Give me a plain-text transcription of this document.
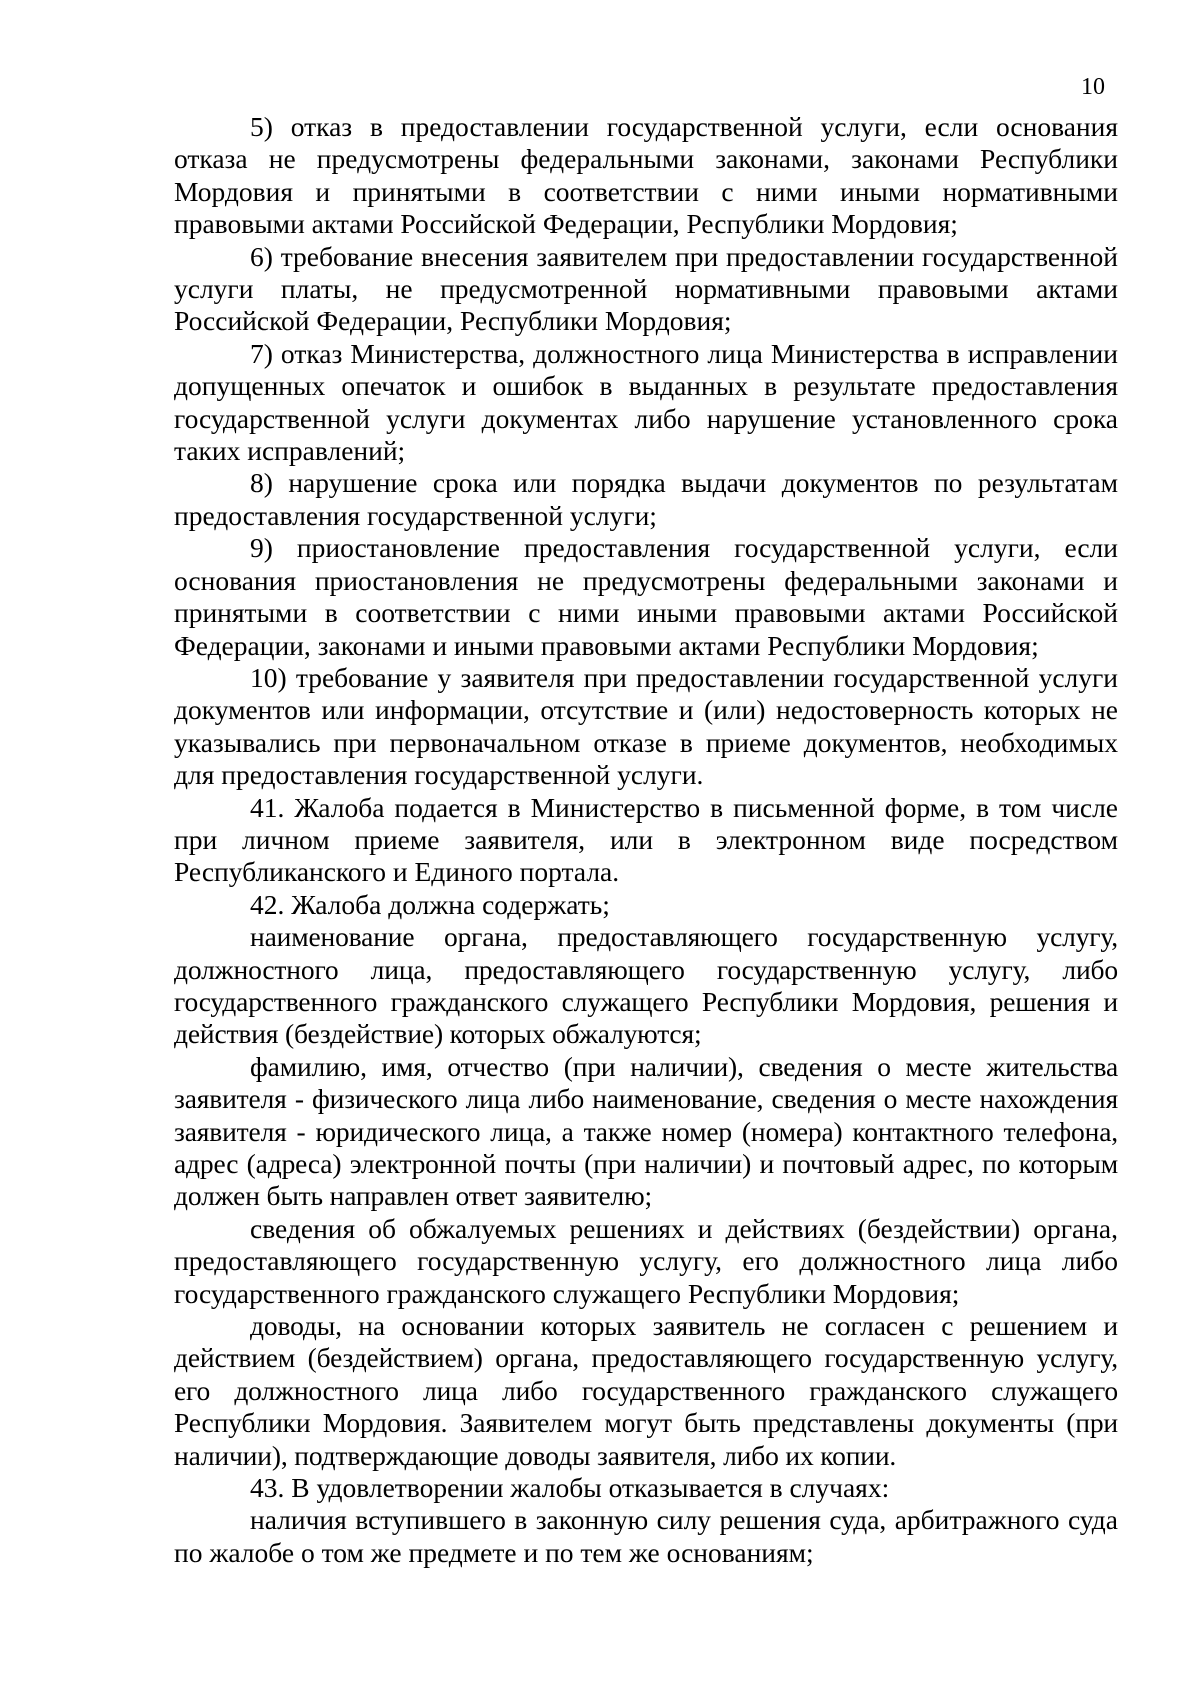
10

5) отказ в предоставлении государственной услуги, если основания отказа не предусмотрены федеральными законами, законами Республики Мордовия и принятыми в соответствии с ними иными нормативными правовыми актами Российской Федерации, Республики Мордовия;

6) требование внесения заявителем при предоставлении государственной услуги платы, не предусмотренной нормативными правовыми актами Российской Федерации, Республики Мордовия;

7) отказ Министерства, должностного лица Министерства в исправлении допущенных опечаток и ошибок в выданных в результате предоставления государственной услуги документах либо нарушение установленного срока таких исправлений;

8) нарушение срока или порядка выдачи документов по результатам предоставления государственной услуги;

9) приостановление предоставления государственной услуги, если основания приостановления не предусмотрены федеральными законами и принятыми в соответствии с ними иными правовыми актами Российской Федерации, законами и иными правовыми актами Республики Мордовия;

10) требование у заявителя при предоставлении государственной услуги документов или информации, отсутствие и (или) недостоверность которых не указывались при первоначальном отказе в приеме документов, необходимых для предоставления государственной услуги.

41. Жалоба подается в Министерство в письменной форме, в том числе при личном приеме заявителя, или в электронном виде посредством Республиканского и Единого портала.

42. Жалоба должна содержать;

наименование органа, предоставляющего государственную услугу, должностного лица, предоставляющего государственную услугу, либо государственного гражданского служащего Республики Мордовия, решения и действия (бездействие) которых обжалуются;

фамилию, имя, отчество (при наличии), сведения о месте жительства заявителя - физического лица либо наименование, сведения о месте нахождения заявителя - юридического лица, а также номер (номера) контактного телефона, адрес (адреса) электронной почты (при наличии) и почтовый адрес, по которым должен быть направлен ответ заявителю;

сведения об обжалуемых решениях и действиях (бездействии) органа, предоставляющего государственную услугу, его должностного лица либо государственного гражданского служащего Республики Мордовия;

доводы, на основании которых заявитель не согласен с решением и действием (бездействием) органа, предоставляющего государственную услугу, его должностного лица либо государственного гражданского служащего Республики Мордовия. Заявителем могут быть представлены документы (при наличии), подтверждающие доводы заявителя, либо их копии.

43. В удовлетворении жалобы отказывается в случаях:

наличия вступившего в законную силу решения суда, арбитражного суда по жалобе о том же предмете и по тем же основаниям;
